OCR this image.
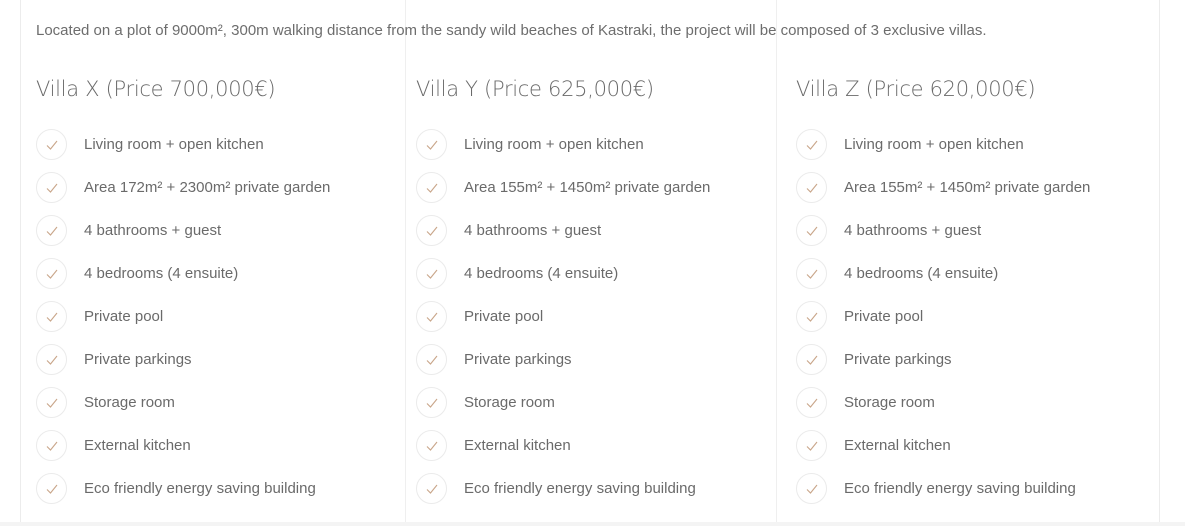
Located on a plot of 9000m², 300m walking distance from the sandy wild beaches of Kastraki, the project will be composed of 3 exclusive villas.

Villa X (Price 700,000€)
Living room + open kitchen
Area 172m² + 2300m² private garden
4 bathrooms + guest
4 bedrooms (4 ensuite)
Private pool
Private parkings
Storage room
External kitchen
Eco friendly energy saving building
Villa Y (Price 625,000€)
Living room + open kitchen
Area 155m² + 1450m² private garden
4 bathrooms + guest
4 bedrooms (4 ensuite)
Private pool
Private parkings
Storage room
External kitchen
Eco friendly energy saving building
Villa Z (Price 620,000€)
Living room + open kitchen
Area 155m² + 1450m² private garden
4 bathrooms + guest
4 bedrooms (4 ensuite)
Private pool
Private parkings
Storage room
External kitchen
Eco friendly energy saving building
